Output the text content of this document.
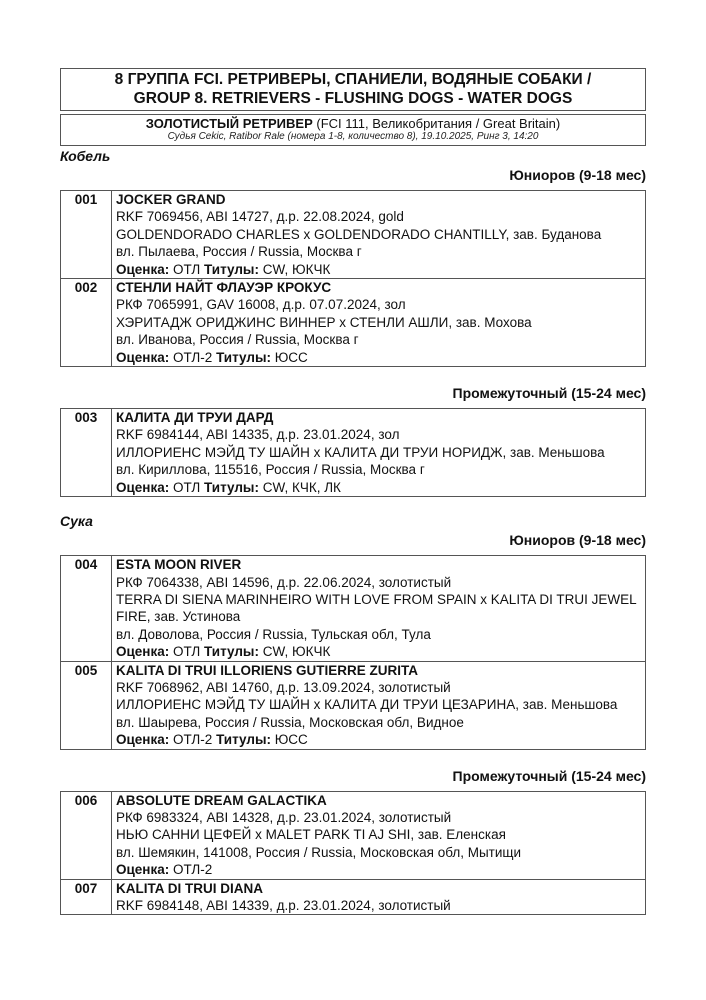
8 ГРУППА FCI. РЕТРИВЕРЫ, СПАНИЕЛИ, ВОДЯНЫЕ СОБАКИ /
GROUP 8. RETRIEVERS - FLUSHING DOGS - WATER DOGS
ЗОЛОТИСТЫЙ РЕТРИВЕР (FCI 111, Великобритания / Great Britain)
Судья Cekic, Ratibor Rale (номера 1-8, количество 8), 19.10.2025, Ринг 3, 14:20
Кобель
Юниоров (9-18 мес)
001	JOCKER GRAND
RKF 7069456, ABI 14727, д.р. 22.08.2024, gold
GOLDENDORADO CHARLES x GOLDENDORADO CHANTILLY, зав. Буданова
вл. Пылаева, Россия / Russia, Москва г
Оценка: ОТЛ Титулы: CW, ЮКЧК

002	СТЕНЛИ НАЙТ ФЛАУЭР КРОКУС
РКФ 7065991, GAV 16008, д.р. 07.07.2024, зол
ХЭРИТАДЖ ОРИДЖИНС ВИННЕР x СТЕНЛИ АШЛИ, зав. Мохова
вл. Иванова, Россия / Russia, Москва г
Оценка: ОТЛ-2 Титулы: ЮСС
Промежуточный (15-24 мес)
003	КАЛИТА ДИ ТРУИ ДАРД
RKF 6984144, ABI 14335, д.р. 23.01.2024, зол
ИЛЛОРИЕНС МЭЙД ТУ ШАЙН x КАЛИТА ДИ ТРУИ НОРИДЖ, зав. Меньшова
вл. Кириллова, 115516, Россия / Russia, Москва г
Оценка: ОТЛ Титулы: CW, КЧК, ЛК
Сука
Юниоров (9-18 мес)
004	ESTA MOON RIVER
РКФ 7064338, ABI 14596, д.р. 22.06.2024, золотистый
TERRA DI SIENA MARINHEIRO WITH LOVE FROM SPAIN x KALITA DI TRUI JEWEL FIRE, зав. Устинова
вл. Доволова, Россия / Russia, Тульская обл, Тула
Оценка: ОТЛ Титулы: CW, ЮКЧК

005	KALITA DI TRUI ILLORIENS GUTIERRE ZURITA
RKF 7068962, ABI 14760, д.р. 13.09.2024, золотистый
ИЛЛОРИЕНС МЭЙД ТУ ШАЙН x КАЛИТА ДИ ТРУИ ЦЕЗАРИНА, зав. Меньшова
вл. Шаырева, Россия / Russia, Московская обл, Видное
Оценка: ОТЛ-2 Титулы: ЮСС
Промежуточный (15-24 мес)
006	ABSOLUTE DREAM GALACTIKA
РКФ 6983324, ABI 14328, д.р. 23.01.2024, золотистый
НЬЮ САННИ ЦЕФЕЙ x MALET PARK TI AJ SHI, зав. Еленская
вл. Шемякин, 141008, Россия / Russia, Московская обл, Мытищи
Оценка: ОТЛ-2

007	KALITA DI TRUI DIANA
RKF 6984148, ABI 14339, д.р. 23.01.2024, золотистый
